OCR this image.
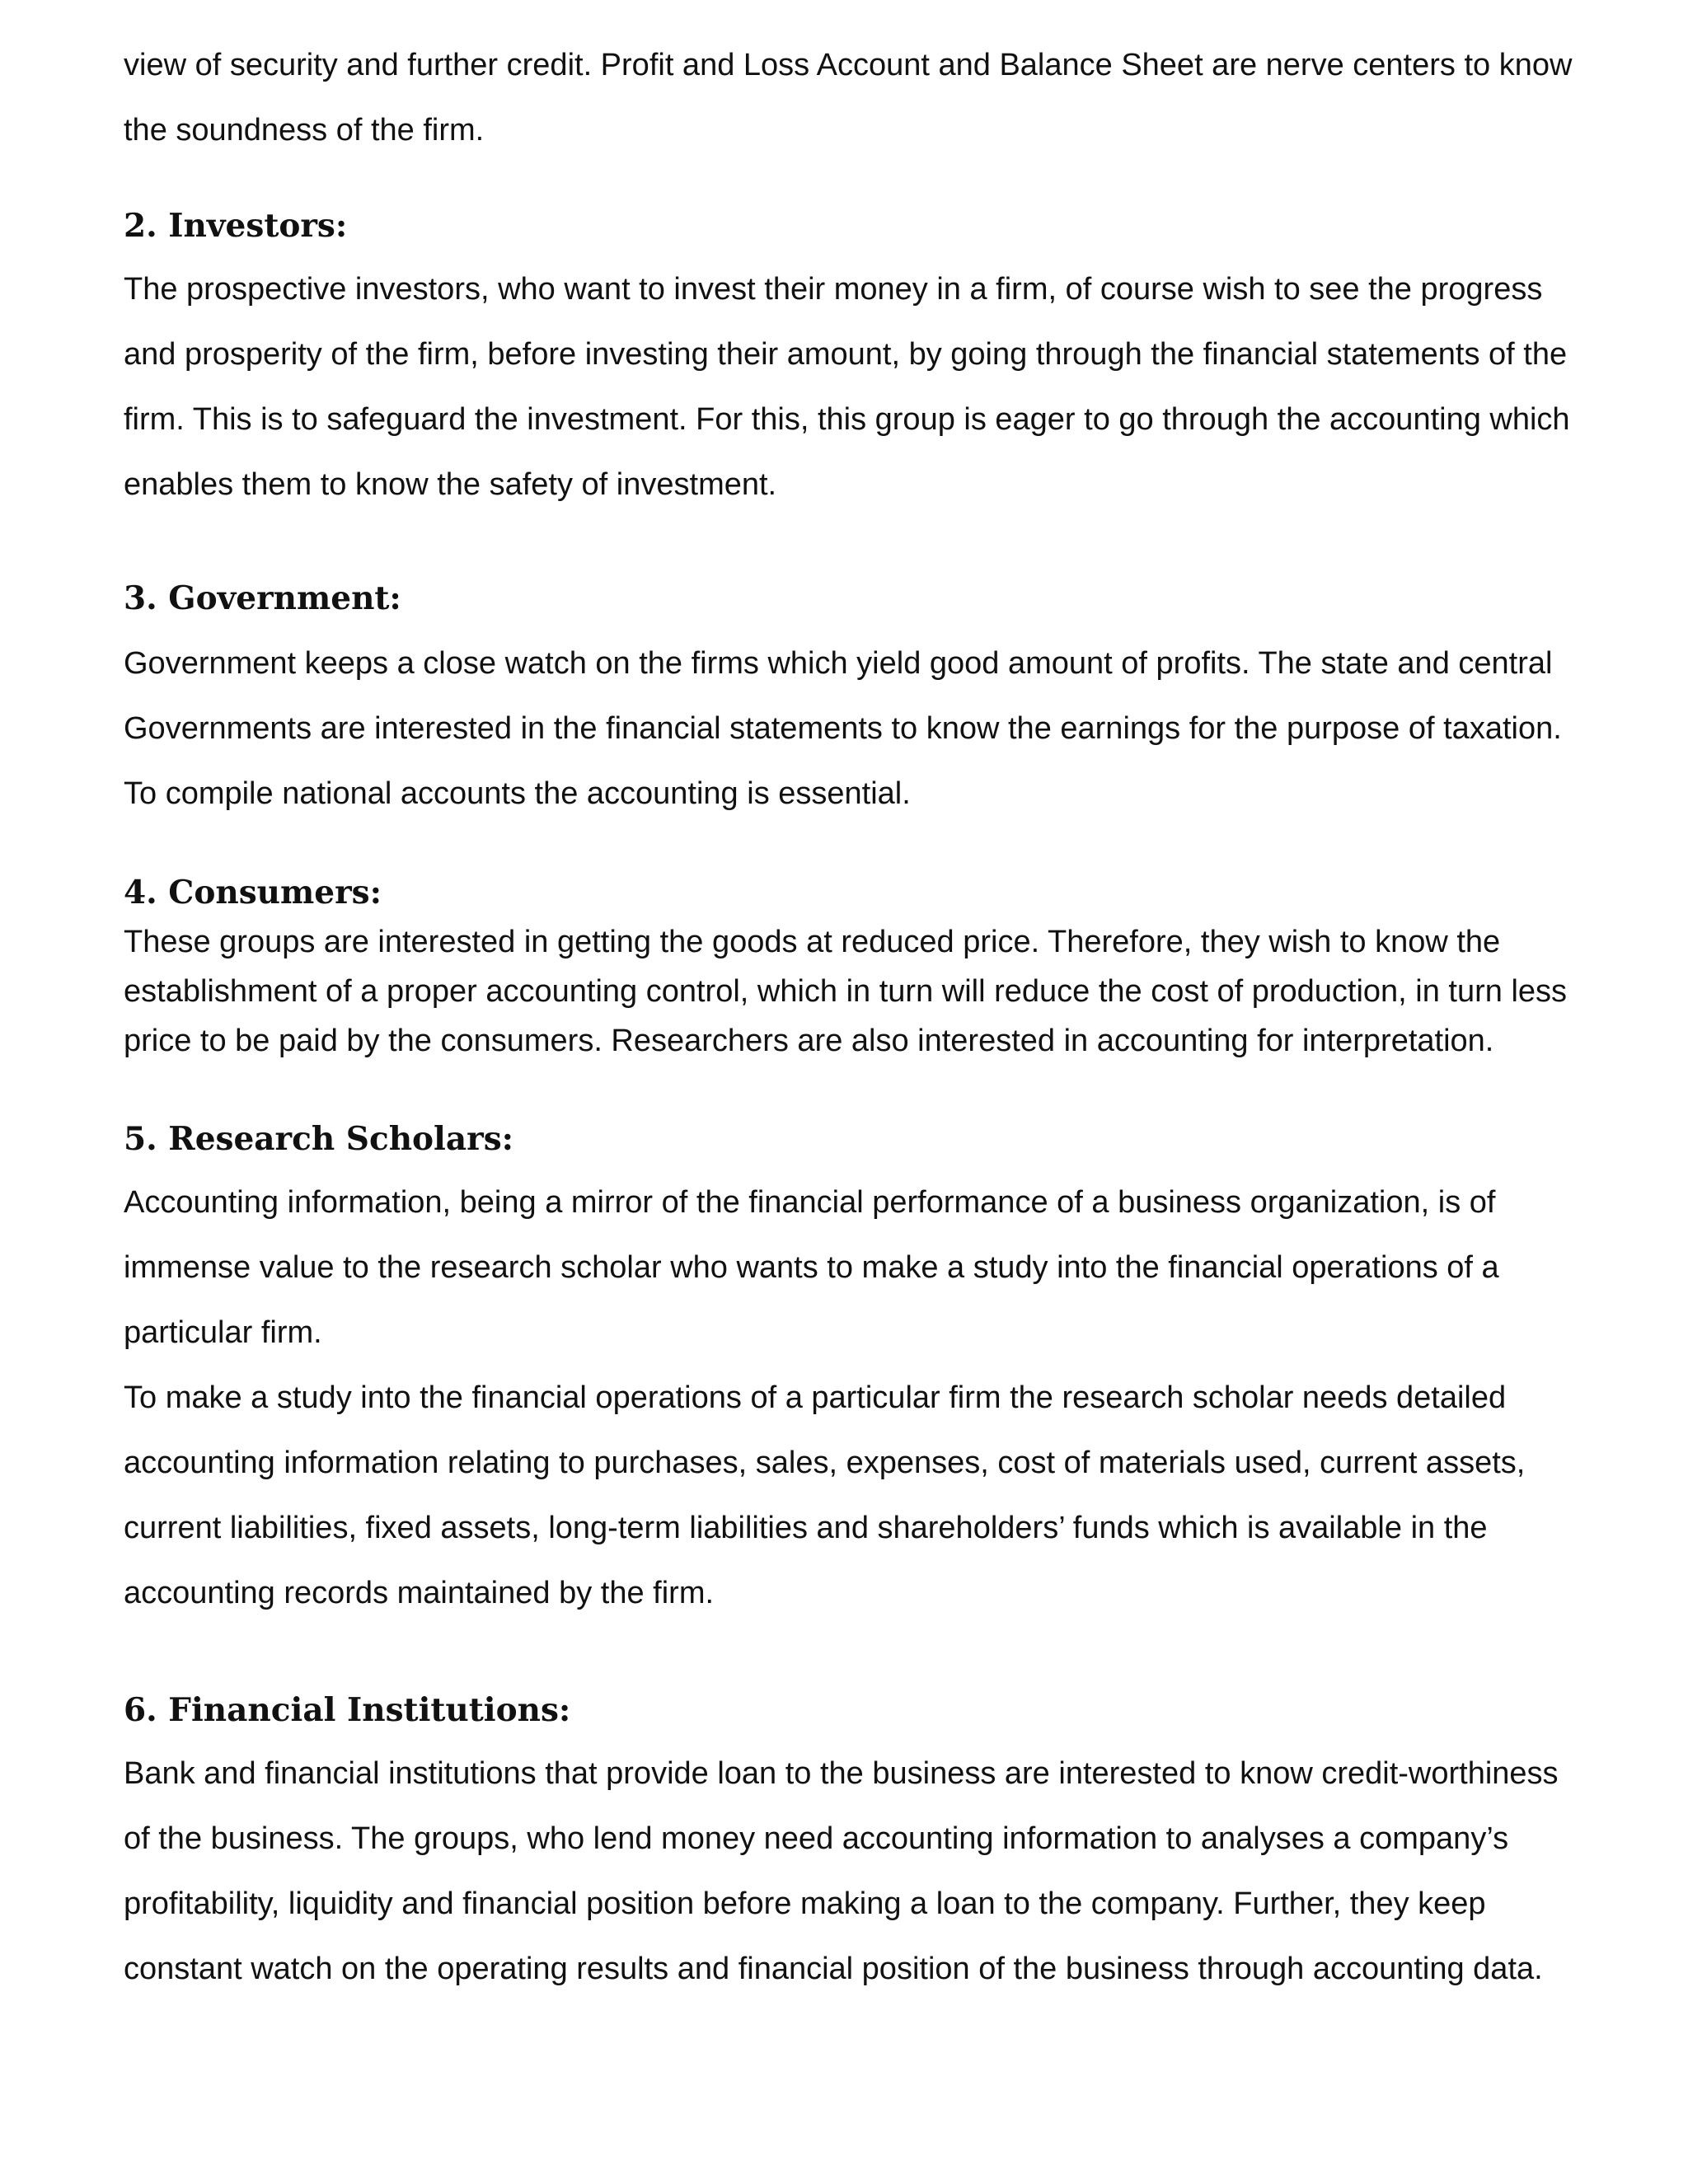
view of security and further credit. Profit and Loss Account and Balance Sheet are nerve centers to know
the soundness of the firm.
2. Investors:
The prospective investors, who want to invest their money in a firm, of course wish to see the progress
and prosperity of the firm, before investing their amount, by going through the financial statements of the
firm. This is to safeguard the investment. For this, this group is eager to go through the accounting which
enables them to know the safety of investment.
3. Government:
Government keeps a close watch on the firms which yield good amount of profits. The state and central
Governments are interested in the financial statements to know the earnings for the purpose of taxation.
To compile national accounts the accounting is essential.
4. Consumers:
These groups are interested in getting the goods at reduced price. Therefore, they wish to know the
establishment of a proper accounting control, which in turn will reduce the cost of production, in turn less
price to be paid by the consumers. Researchers are also interested in accounting for interpretation.
5. Research Scholars:
Accounting information, being a mirror of the financial performance of a business organization, is of
immense value to the research scholar who wants to make a study into the financial operations of a
particular firm.
To make a study into the financial operations of a particular firm the research scholar needs detailed
accounting information relating to purchases, sales, expenses, cost of materials used, current assets,
current liabilities, fixed assets, long-term liabilities and shareholders’ funds which is available in the
accounting records maintained by the firm.
6. Financial Institutions:
Bank and financial institutions that provide loan to the business are interested to know credit-worthiness
of the business. The groups, who lend money need accounting information to analyses a company’s
profitability, liquidity and financial position before making a loan to the company. Further, they keep
constant watch on the operating results and financial position of the business through accounting data.
